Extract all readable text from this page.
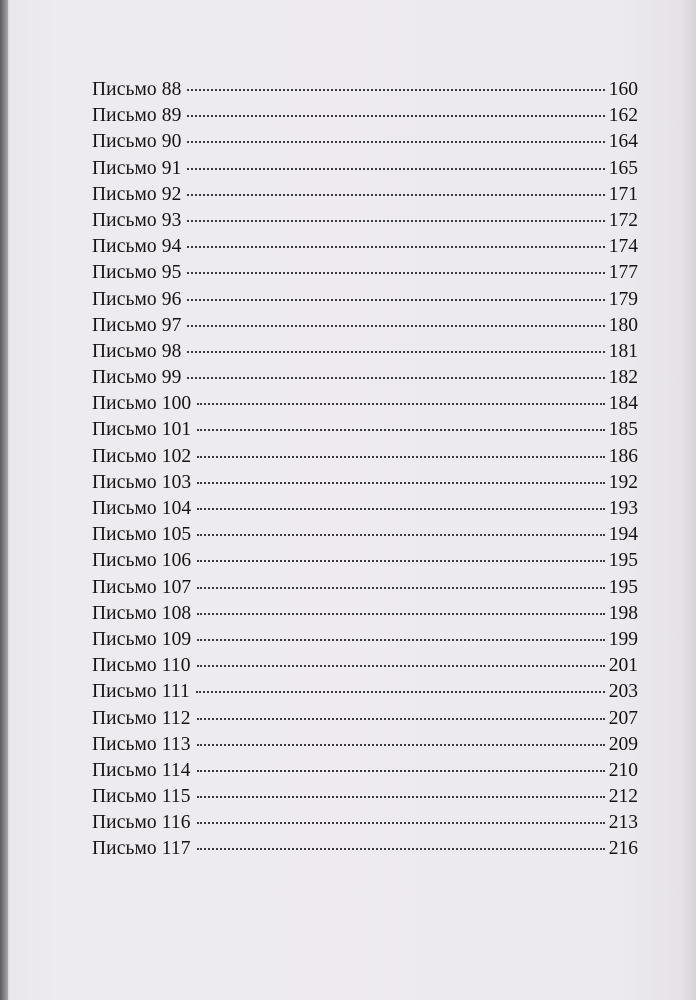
Письмо 88	160
Письмо 89	162
Письмо 90	164
Письмо 91	165
Письмо 92	171
Письмо 93	172
Письмо 94	174
Письмо 95	177
Письмо 96	179
Письмо 97	180
Письмо 98	181
Письмо 99	182
Письмо 100	184
Письмо 101	185
Письмо 102	186
Письмо 103	192
Письмо 104	193
Письмо 105	194
Письмо 106	195
Письмо 107	195
Письмо 108	198
Письмо 109	199
Письмо 110	201
Письмо 111	203
Письмо 112	207
Письмо 113	209
Письмо 114	210
Письмо 115	212
Письмо 116	213
Письмо 117	216
